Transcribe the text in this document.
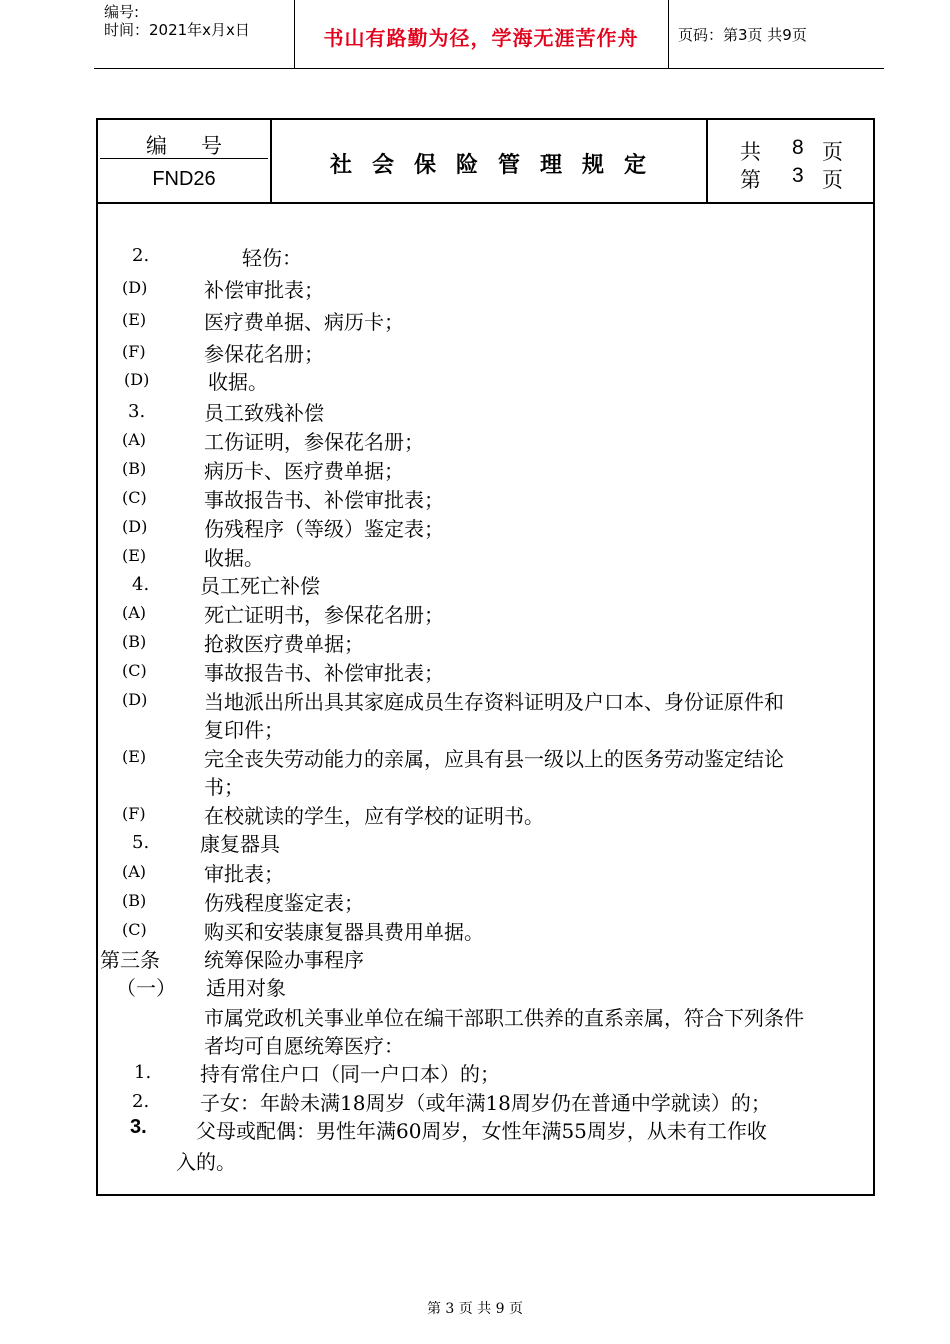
编号:
时间：2021年x月x日	书山有路勤为径，学海无涯苦作舟	页码：第3页 共9页
编号
FND26
社会保险管理规定	共 8 页
第 3 页
2.	轻伤：
(D)	补偿审批表；
(E)	医疗费单据、病历卡；
(F)	参保花名册；
(D)	收据。
3.	员工致残补偿
(A)	工伤证明，参保花名册；
(B)	病历卡、医疗费单据；
(C)	事故报告书、补偿审批表；
(D)	伤残程序（等级）鉴定表；
(E)	收据。
4.	员工死亡补偿
(A)	死亡证明书，参保花名册；
(B)	抢救医疗费单据；
(C)	事故报告书、补偿审批表；
(D)	当地派出所出具其家庭成员生存资料证明及户口本、身份证原件和
复印件；
(E)	完全丧失劳动能力的亲属，应具有县一级以上的医务劳动鉴定结论
书；
(F)	在校就读的学生，应有学校的证明书。
5.	康复器具
(A)	审批表；
(B)	伤残程度鉴定表；
(C)	购买和安装康复器具费用单据。
第三条 统筹保险办事程序
（一） 适用对象
市属党政机关事业单位在编干部职工供养的直系亲属，符合下列条件
者均可自愿统筹医疗：
1. 持有常住户口（同一户口本）的；
2.	子女：年龄未满18周岁（或年满18周岁仍在普通中学就读）的；
3. 父母或配偶：男性年满60周岁，女性年满55周岁，从未有工作收
入的。
第 3 页 共 9 页
